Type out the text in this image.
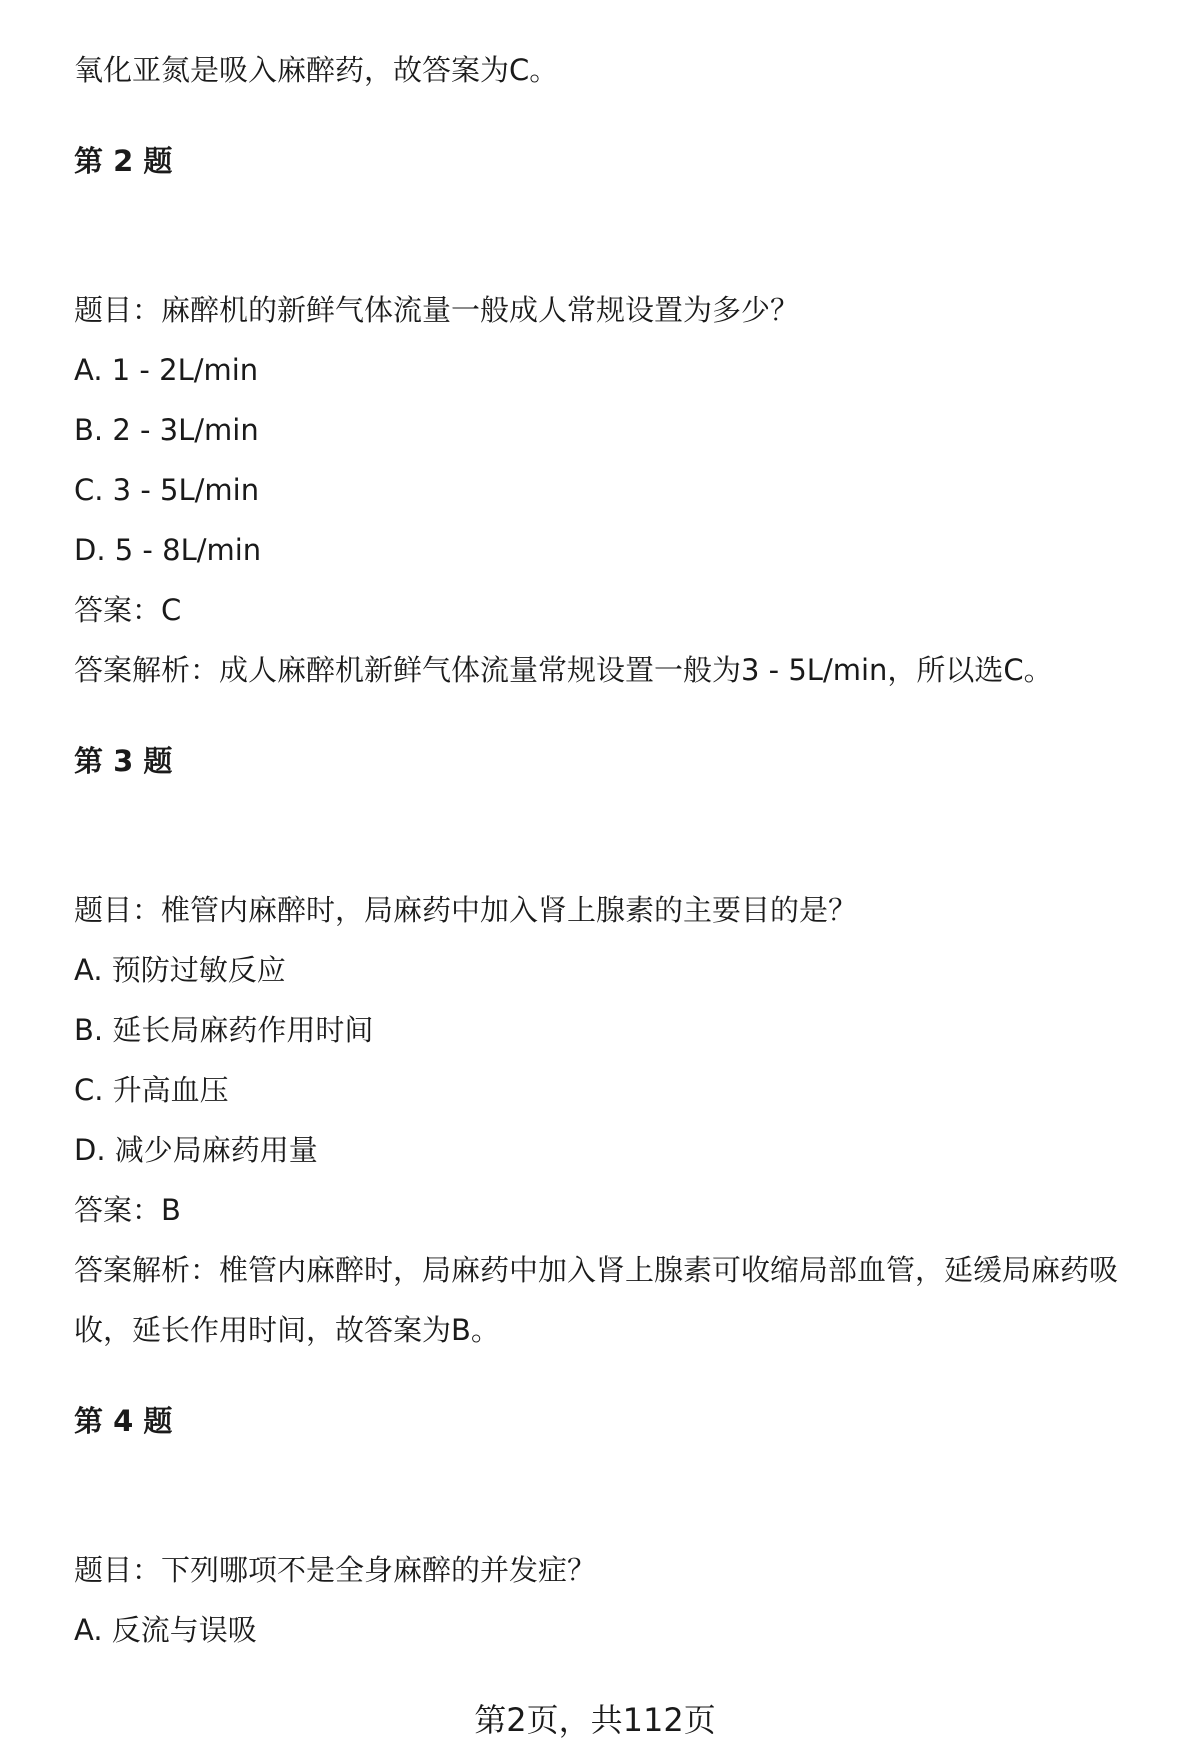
氧化亚氮是吸入麻醉药，故答案为C。
第 2 题
题目：麻醉机的新鲜气体流量一般成人常规设置为多少？
A. 1 - 2L/min
B. 2 - 3L/min
C. 3 - 5L/min
D. 5 - 8L/min
答案：C
答案解析：成人麻醉机新鲜气体流量常规设置一般为3 - 5L/min，所以选C。
第 3 题
题目：椎管内麻醉时，局麻药中加入肾上腺素的主要目的是？
A. 预防过敏反应
B. 延长局麻药作用时间
C. 升高血压
D. 减少局麻药用量
答案：B
答案解析：椎管内麻醉时，局麻药中加入肾上腺素可收缩局部血管，延缓局麻药吸
收，延长作用时间，故答案为B。
第 4 题
题目：下列哪项不是全身麻醉的并发症？
A. 反流与误吸
第2页，共112页
